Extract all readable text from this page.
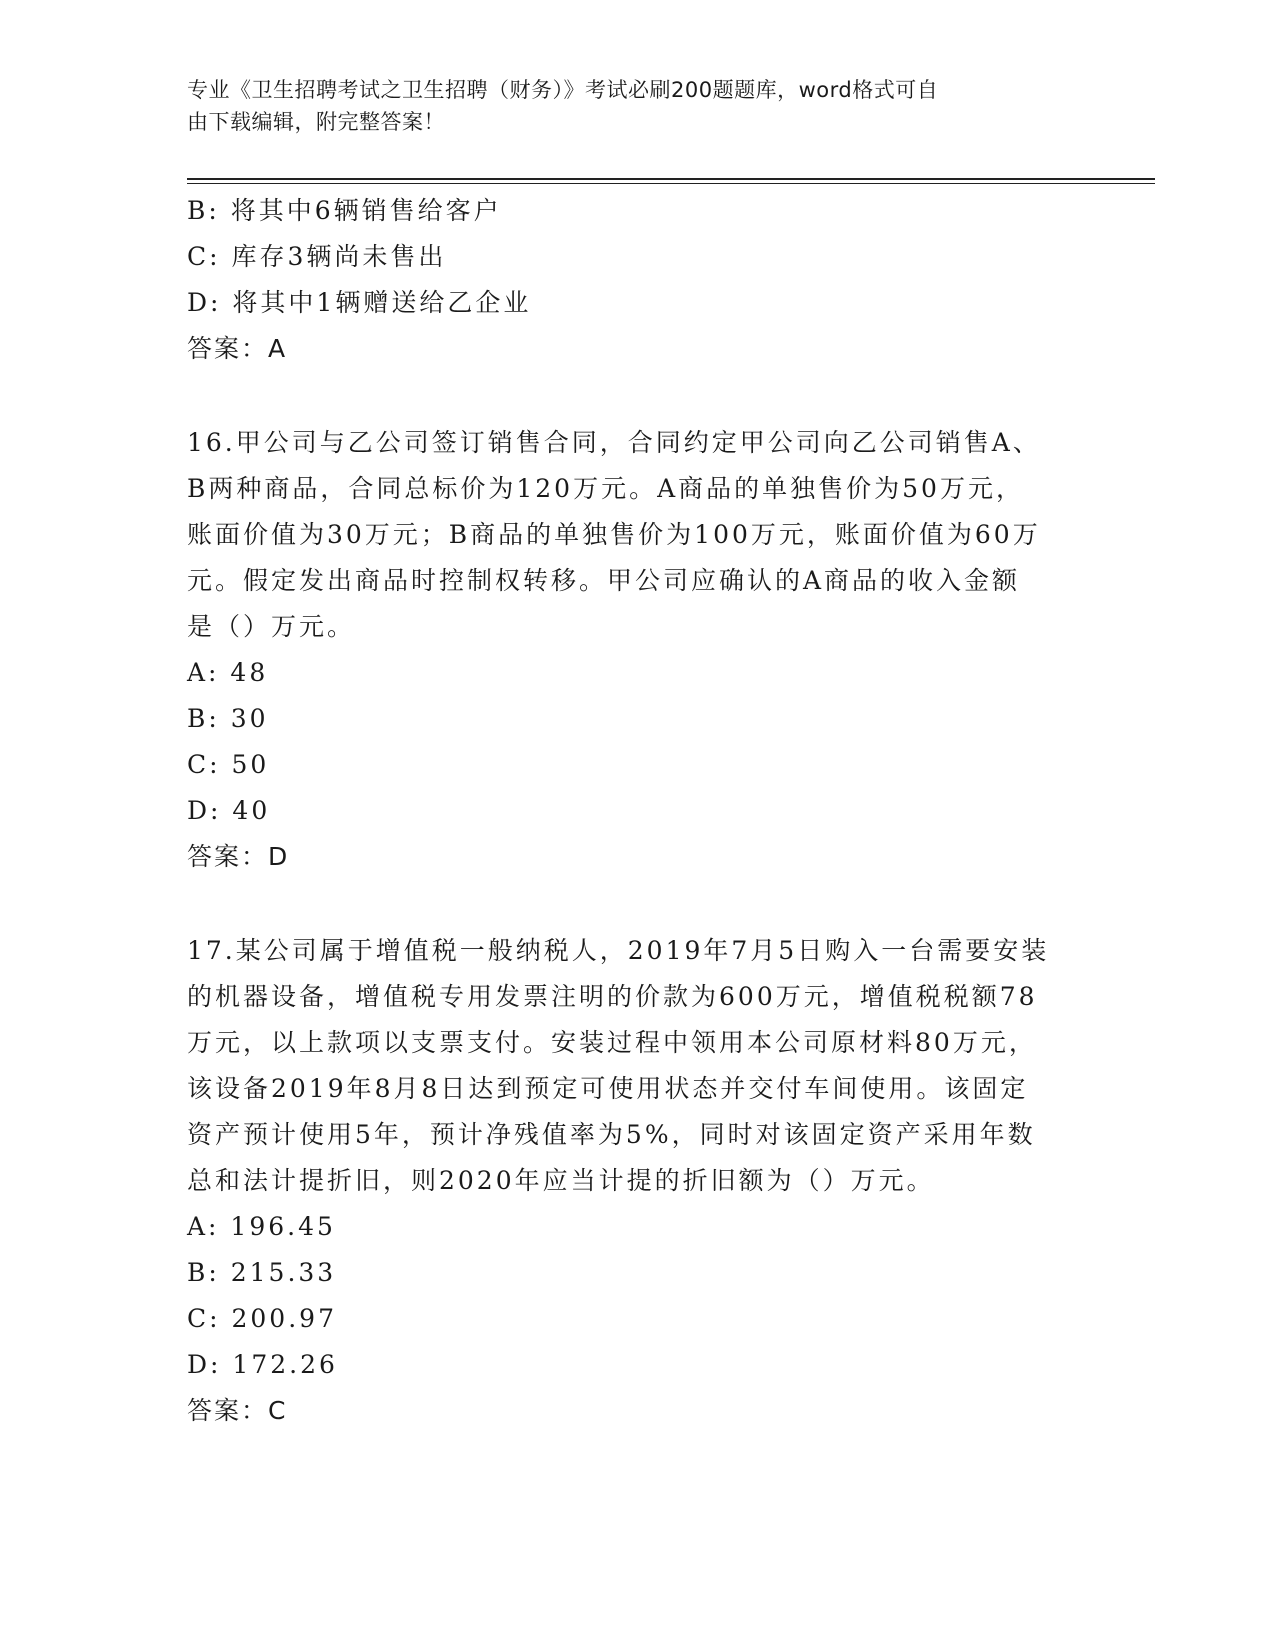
专业《卫生招聘考试之卫生招聘（财务）》考试必刷200题题库，word格式可自
由下载编辑，附完整答案！
B: 将其中6辆销售给客户
C: 库存3辆尚未售出
D: 将其中1辆赠送给乙企业
答案：A
16.甲公司与乙公司签订销售合同，合同约定甲公司向乙公司销售A、
B两种商品，合同总标价为120万元。A商品的单独售价为50万元，
账面价值为30万元；B商品的单独售价为100万元，账面价值为60万
元。假定发出商品时控制权转移。甲公司应确认的A商品的收入金额
是（）万元。
A: 48
B: 30
C: 50
D: 40
答案：D
17.某公司属于增值税一般纳税人，2019年7月5日购入一台需要安装
的机器设备，增值税专用发票注明的价款为600万元，增值税税额78
万元，以上款项以支票支付。安装过程中领用本公司原材料80万元，
该设备2019年8月8日达到预定可使用状态并交付车间使用。该固定
资产预计使用5年，预计净残值率为5%，同时对该固定资产采用年数
总和法计提折旧，则2020年应当计提的折旧额为（）万元。
A: 196.45
B: 215.33
C: 200.97
D: 172.26
答案：C
